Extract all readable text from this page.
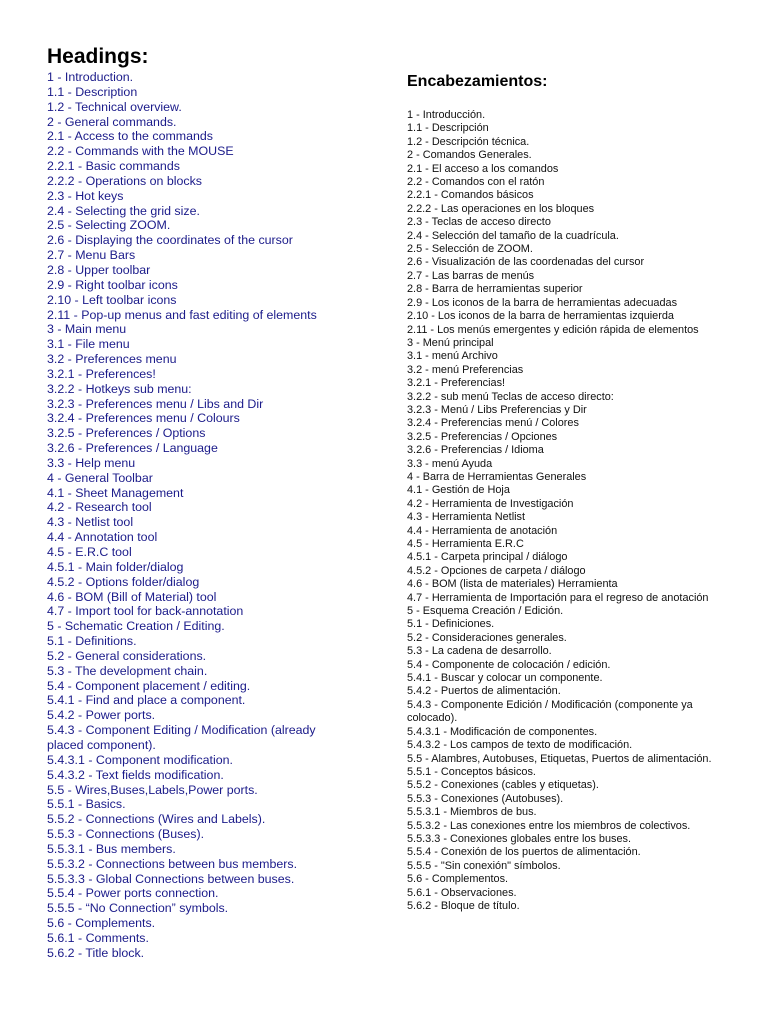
Headings:
1 - Introduction.
1.1 - Description
1.2 - Technical overview.
2 - General commands.
2.1 - Access to the commands
2.2 - Commands with the MOUSE
2.2.1 - Basic commands
2.2.2 - Operations on blocks
2.3 - Hot keys
2.4 - Selecting the grid size.
2.5 - Selecting ZOOM.
2.6 - Displaying the coordinates of the cursor
2.7 - Menu Bars
2.8 - Upper toolbar
2.9 - Right toolbar icons
2.10 - Left toolbar icons
2.11 - Pop-up menus and fast editing of elements
3 - Main menu
3.1 - File menu
3.2 - Preferences menu
3.2.1 - Preferences!
3.2.2 - Hotkeys sub menu:
3.2.3 - Preferences menu / Libs and Dir
3.2.4 - Preferences menu / Colours
3.2.5 - Preferences / Options
3.2.6 - Preferences / Language
3.3 - Help menu
4 - General Toolbar
4.1 - Sheet Management
4.2 - Research tool
4.3 - Netlist tool
4.4 - Annotation tool
4.5 - E.R.C tool
4.5.1 - Main folder/dialog
4.5.2 - Options folder/dialog
4.6 - BOM (Bill of Material) tool
4.7 - Import tool for back-annotation
5 - Schematic Creation / Editing.
5.1 - Definitions.
5.2 - General considerations.
5.3 - The development chain.
5.4 - Component placement / editing.
5.4.1 - Find and place a component.
5.4.2 - Power ports.
5.4.3 - Component Editing / Modification (already placed component).
5.4.3.1 - Component modification.
5.4.3.2 - Text fields modification.
5.5 - Wires,Buses,Labels,Power ports.
5.5.1 - Basics.
5.5.2 - Connections (Wires and Labels).
5.5.3 - Connections (Buses).
5.5.3.1 - Bus members.
5.5.3.2 - Connections between bus members.
5.5.3.3 - Global Connections between buses.
5.5.4 - Power ports connection.
5.5.5 - “No Connection” symbols.
5.6 - Complements.
5.6.1 - Comments.
5.6.2 - Title block.
Encabezamientos:
1 - Introducción.
1.1 - Descripción
1.2 - Descripción técnica.
2 - Comandos Generales.
2.1 - El acceso a los comandos
2.2 - Comandos con el ratón
2.2.1 - Comandos básicos
2.2.2 - Las operaciones en los bloques
2.3 - Teclas de acceso directo
2.4 - Selección del tamaño de la cuadrícula.
2.5 - Selección de ZOOM.
2.6 - Visualización de las coordenadas del cursor
2.7 - Las barras de menús
2.8 - Barra de herramientas superior
2.9 - Los iconos de la barra de herramientas adecuadas
2.10 - Los iconos de la barra de herramientas izquierda
2.11 - Los menús emergentes y edición rápida de elementos
3 - Menú principal
3.1 - menú Archivo
3.2 - menú Preferencias
3.2.1 - Preferencias!
3.2.2 - sub menú Teclas de acceso directo:
3.2.3 - Menú / Libs Preferencias y Dir
3.2.4 - Preferencias menú / Colores
3.2.5 - Preferencias / Opciones
3.2.6 - Preferencias / Idioma
3.3 - menú Ayuda
4 - Barra de Herramientas Generales
4.1 - Gestión de Hoja
4.2 - Herramienta de Investigación
4.3 - Herramienta Netlist
4.4 - Herramienta de anotación
4.5 - Herramienta E.R.C
4.5.1 - Carpeta principal / diálogo
4.5.2 - Opciones de carpeta / diálogo
4.6 - BOM (lista de materiales) Herramienta
4.7 - Herramienta de Importación para el regreso de anotación
5 - Esquema Creación / Edición.
5.1 - Definiciones.
5.2 - Consideraciones generales.
5.3 - La cadena de desarrollo.
5.4 - Componente de colocación / edición.
5.4.1 - Buscar y colocar un componente.
5.4.2 - Puertos de alimentación.
5.4.3 - Componente Edición / Modificación (componente ya colocado).
5.4.3.1 - Modificación de componentes.
5.4.3.2 - Los campos de texto de modificación.
5.5 - Alambres, Autobuses, Etiquetas, Puertos de alimentación.
5.5.1 - Conceptos básicos.
5.5.2 - Conexiones (cables y etiquetas).
5.5.3 - Conexiones (Autobuses).
5.5.3.1 - Miembros de bus.
5.5.3.2 - Las conexiones entre los miembros de colectivos.
5.5.3.3 - Conexiones globales entre los buses.
5.5.4 - Conexión de los puertos de alimentación.
5.5.5 - "Sin conexión" símbolos.
5.6 - Complementos.
5.6.1 - Observaciones.
5.6.2 - Bloque de título.
